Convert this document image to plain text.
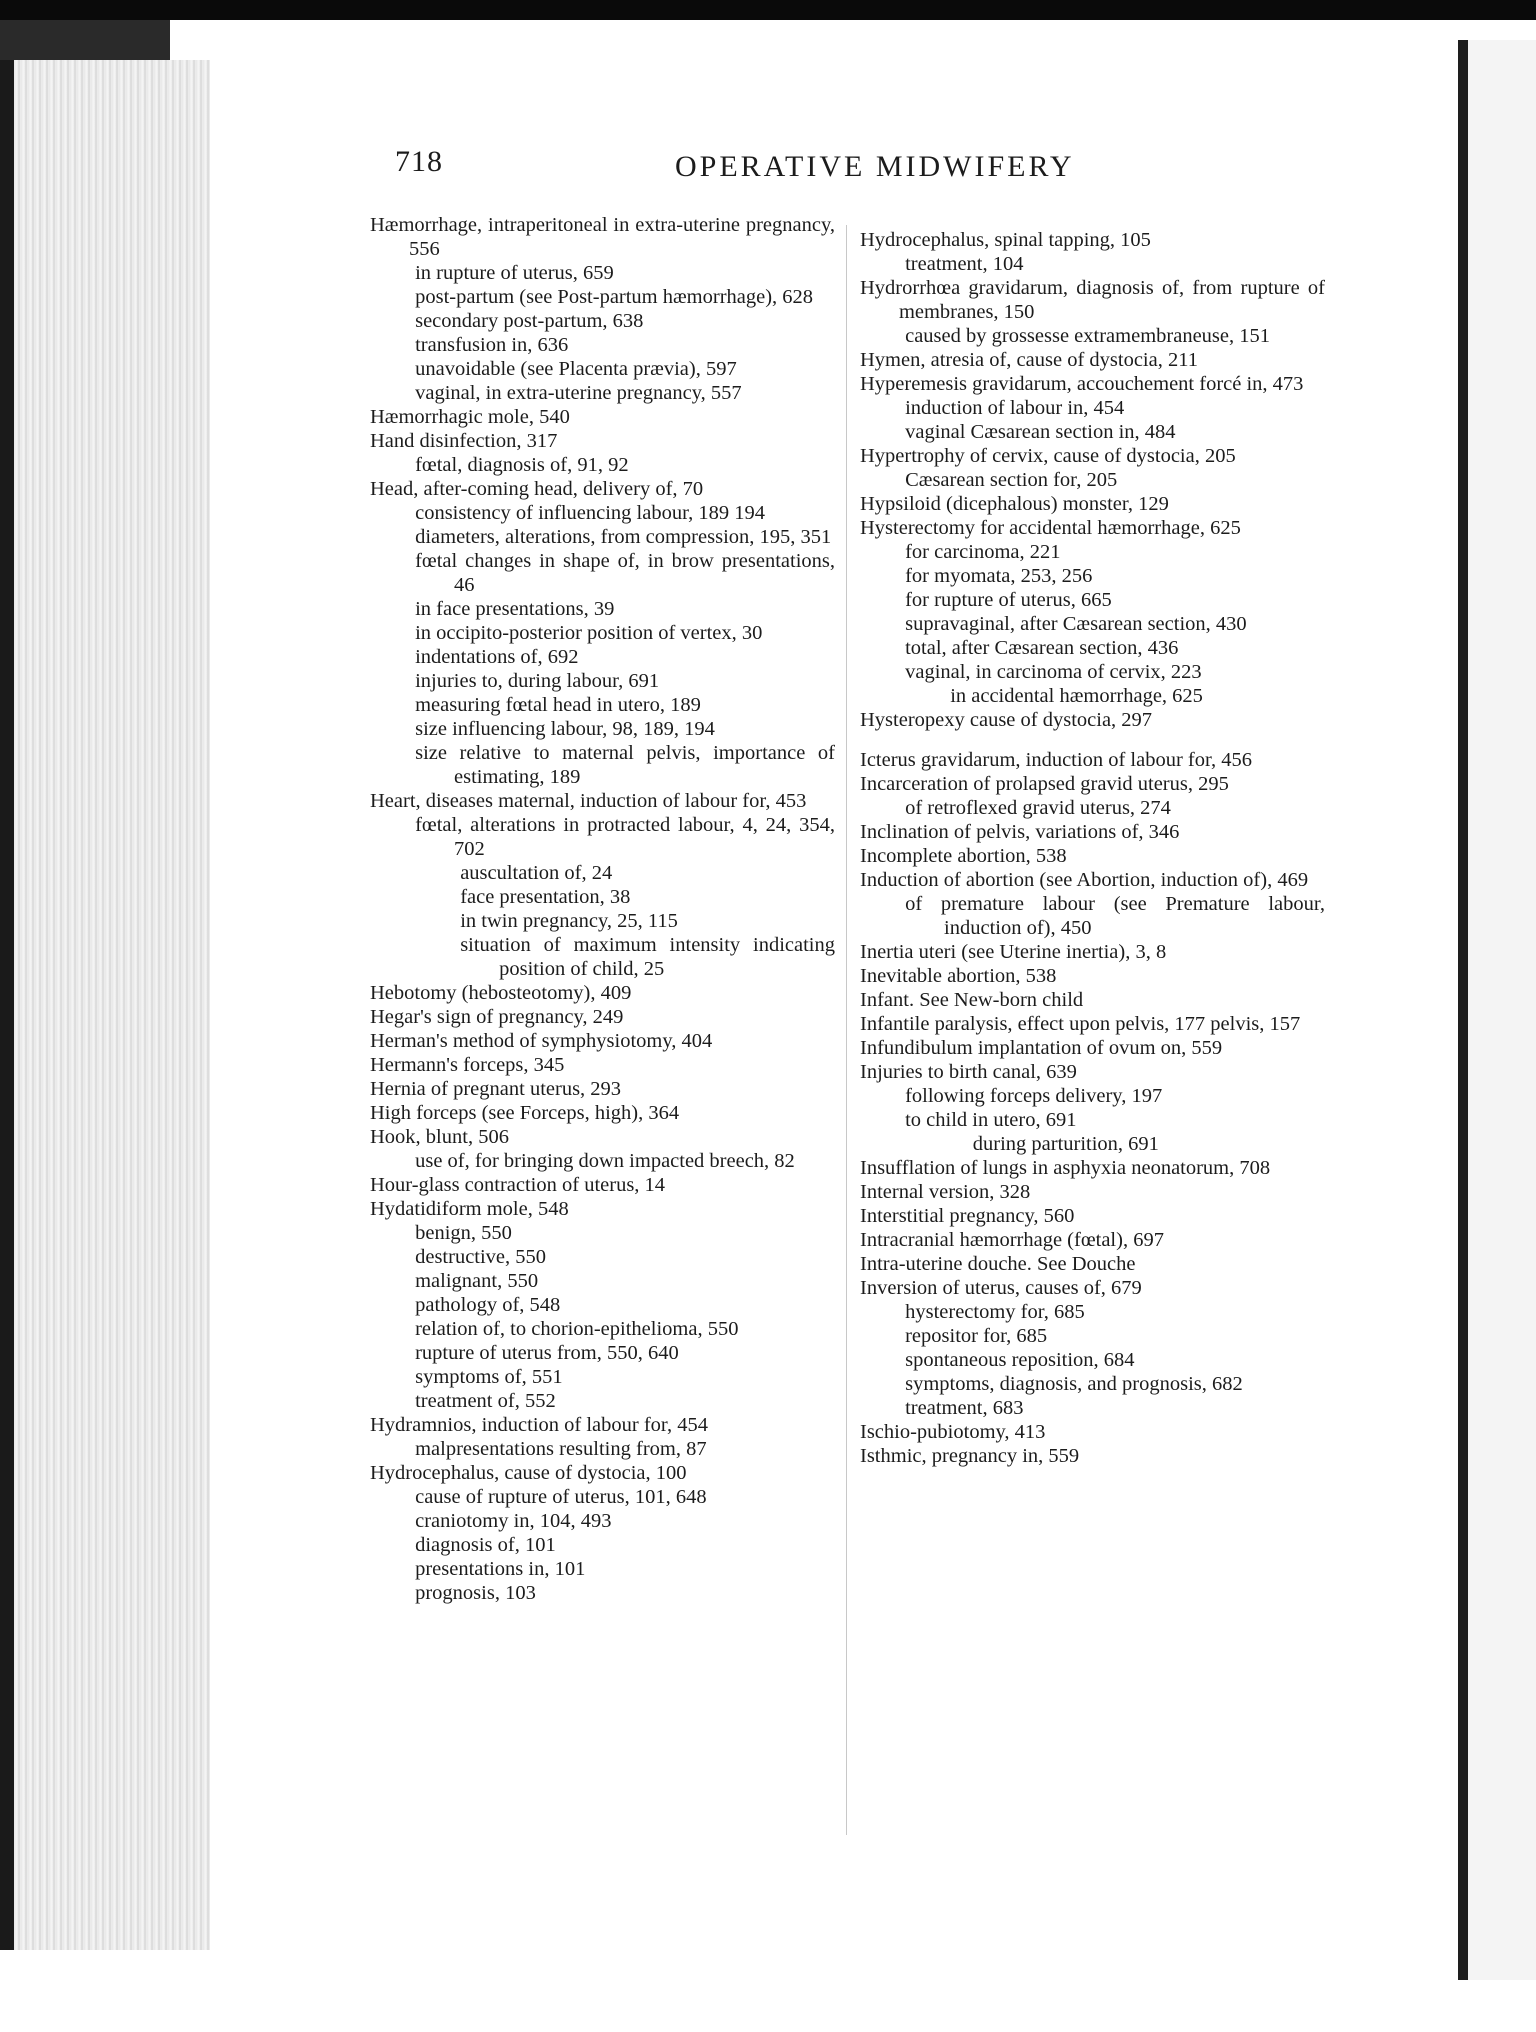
718	OPERATIVE MIDWIFERY
Hæmorrhage, intraperitoneal in extra-uterine pregnancy, 556
in rupture of uterus, 659
post-partum (see Post-partum hæmorrhage), 628
secondary post-partum, 638
transfusion in, 636
unavoidable (see Placenta prævia), 597
vaginal, in extra-uterine pregnancy, 557
Hæmorrhagic mole, 540
Hand disinfection, 317
fœtal, diagnosis of, 91, 92
Head, after-coming head, delivery of, 70
consistency of influencing labour, 189 194
diameters, alterations, from compression, 195, 351
fœtal changes in shape of, in brow presentations, 46
in face presentations, 39
in occipito-posterior position of vertex, 30
indentations of, 692
injuries to, during labour, 691
measuring fœtal head in utero, 189
size influencing labour, 98, 189, 194
size relative to maternal pelvis, importance of estimating, 189
Heart, diseases maternal, induction of labour for, 453
fœtal, alterations in protracted labour, 4, 24, 354, 702
auscultation of, 24
face presentation, 38
in twin pregnancy, 25, 115
situation of maximum intensity indicating position of child, 25
Hebotomy (hebosteotomy), 409
Hegar's sign of pregnancy, 249
Herman's method of symphysiotomy, 404
Hermann's forceps, 345
Hernia of pregnant uterus, 293
High forceps (see Forceps, high), 364
Hook, blunt, 506
use of, for bringing down impacted breech, 82
Hour-glass contraction of uterus, 14
Hydatidiform mole, 548
benign, 550
destructive, 550
malignant, 550
pathology of, 548
relation of, to chorion-epithelioma, 550
rupture of uterus from, 550, 640
symptoms of, 551
treatment of, 552
Hydramnios, induction of labour for, 454
malpresentations resulting from, 87
Hydrocephalus, cause of dystocia, 100
cause of rupture of uterus, 101, 648
craniotomy in, 104, 493
diagnosis of, 101
presentations in, 101
prognosis, 103
Hydrocephalus, spinal tapping, 105
treatment, 104
Hydrorrhœa gravidarum, diagnosis of, from rupture of membranes, 150
caused by grossesse extramembraneuse, 151
Hymen, atresia of, cause of dystocia, 211
Hyperemesis gravidarum, accouchement forcé in, 473
induction of labour in, 454
vaginal Cæsarean section in, 484
Hypertrophy of cervix, cause of dystocia, 205
Cæsarean section for, 205
Hypsiloid (dicephalous) monster, 129
Hysterectomy for accidental hæmorrhage, 625
for carcinoma, 221
for myomata, 253, 256
for rupture of uterus, 665
supravaginal, after Cæsarean section, 430
total, after Cæsarean section, 436
vaginal, in carcinoma of cervix, 223
in accidental hæmorrhage, 625
Hysteropexy cause of dystocia, 297
Icterus gravidarum, induction of labour for, 456
Incarceration of prolapsed gravid uterus, 295
of retroflexed gravid uterus, 274
Inclination of pelvis, variations of, 346
Incomplete abortion, 538
Induction of abortion (see Abortion, induction of), 469
of premature labour (see Premature labour, induction of), 450
Inertia uteri (see Uterine inertia), 3, 8
Inevitable abortion, 538
Infant. See New-born child
Infantile paralysis, effect upon pelvis, 177 pelvis, 157
Infundibulum implantation of ovum on, 559
Injuries to birth canal, 639
following forceps delivery, 197
to child in utero, 691
during parturition, 691
Insufflation of lungs in asphyxia neonatorum, 708
Internal version, 328
Interstitial pregnancy, 560
Intracranial hæmorrhage (fœtal), 697
Intra-uterine douche. See Douche
Inversion of uterus, causes of, 679
hysterectomy for, 685
repositor for, 685
spontaneous reposition, 684
symptoms, diagnosis, and prognosis, 682
treatment, 683
Ischio-pubiotomy, 413
Isthmic, pregnancy in, 559
